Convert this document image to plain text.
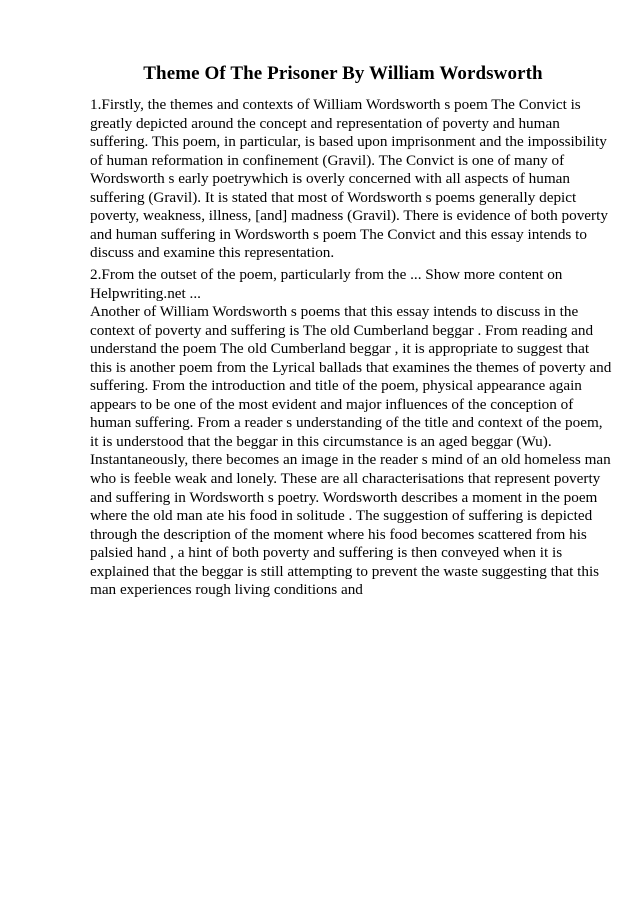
Theme Of The Prisoner By William Wordsworth
1.Firstly, the themes and contexts of William Wordsworth s poem The Convict is
greatly depicted around the concept and representation of poverty and human
suffering. This poem, in particular, is based upon imprisonment and the impossibility
of human reformation in confinement (Gravil). The Convict is one of many of
Wordsworth s early poetrywhich is overly concerned with all aspects of human
suffering (Gravil). It is stated that most of Wordsworth s poems generally depict
poverty, weakness, illness, [and] madness (Gravil). There is evidence of both poverty
and human suffering in Wordsworth s poem The Convict and this essay intends to
discuss and examine this representation.
2.From the outset of the poem, particularly from the ... Show more content on
Helpwriting.net ...
Another of William Wordsworth s poems that this essay intends to discuss in the
context of poverty and suffering is The old Cumberland beggar . From reading and
understand the poem The old Cumberland beggar , it is appropriate to suggest that
this is another poem from the Lyrical ballads that examines the themes of poverty and
suffering. From the introduction and title of the poem, physical appearance again
appears to be one of the most evident and major influences of the conception of
human suffering. From a reader s understanding of the title and context of the poem,
it is understood that the beggar in this circumstance is an aged beggar (Wu).
Instantaneously, there becomes an image in the reader s mind of an old homeless man
who is feeble weak and lonely. These are all characterisations that represent poverty
and suffering in Wordsworth s poetry. Wordsworth describes a moment in the poem
where the old man ate his food in solitude . The suggestion of suffering is depicted
through the description of the moment where his food becomes scattered from his
palsied hand , a hint of both poverty and suffering is then conveyed when it is
explained that the beggar is still attempting to prevent the waste suggesting that this
man experiences rough living conditions and
